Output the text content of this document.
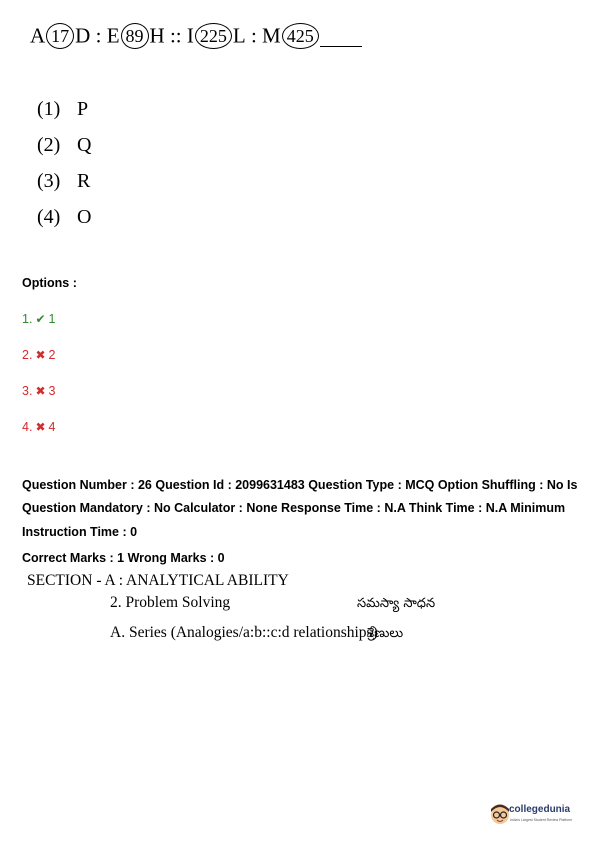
A 17 D : E 89 H :: I 225 L : M 425
(1) P
(2) Q
(3) R
(4) O
Options :
1. ✔ 1
2. ✖ 2
3. ✖ 3
4. ✖ 4
Question Number : 26 Question Id : 2099631483 Question Type : MCQ Option Shuffling : No Is
Question Mandatory : No Calculator : None Response Time : N.A Think Time : N.A Minimum
Instruction Time : 0
Correct Marks : 1 Wrong Marks : 0
SECTION - A : ANALYTICAL ABILITY
2. Problem Solving	సమస్యా సాధన
A. Series (Analogies/a:b::c:d relationships)
శ్రేణులు
collegedunia
India's Largest Student Review Platform
